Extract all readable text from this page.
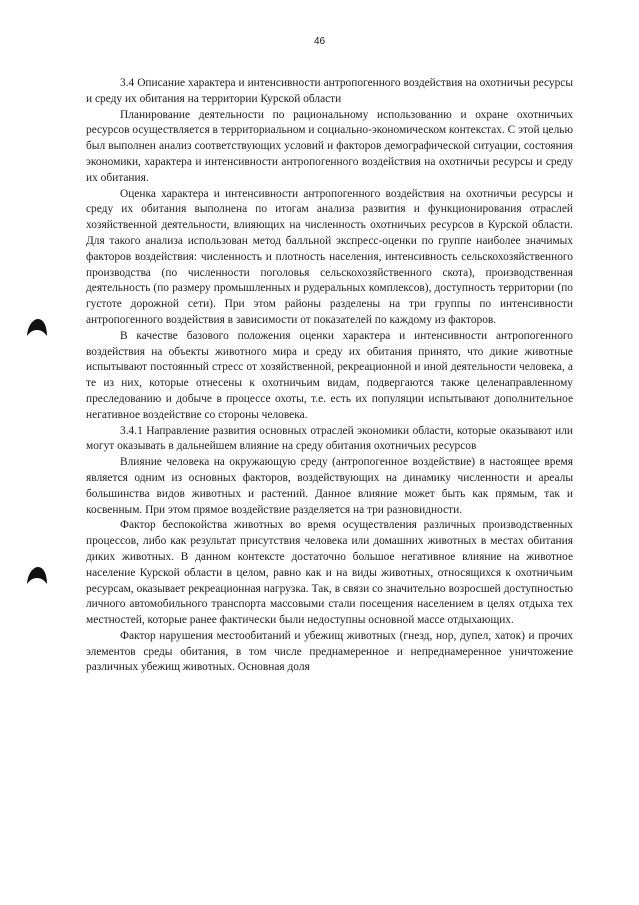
46

3.4 Описание характера и интенсивности антропогенного воздействия на охотничьи ресурсы и среду их обитания на территории Курской области

Планирование деятельности по рациональному использованию и охране охотничьих ресурсов осуществляется в территориальном и социально-экономическом контекстах. С этой целью был выполнен анализ соответствующих условий и факторов демографической ситуации, состояния экономики, характера и интенсивности антропогенного воздействия на охотничьи ресурсы и среду их обитания.

Оценка характера и интенсивности антропогенного воздействия на охотничьи ресурсы и среду их обитания выполнена по итогам анализа развития и функционирования отраслей хозяйственной деятельности, влияющих на численность охотничьих ресурсов в Курской области. Для такого анализа использован метод балльной экспресс-оценки по группе наиболее значимых факторов воздействия: численность и плотность населения, интенсивность сельскохозяйственного производства (по численности поголовья сельскохозяйственного скота), производственная деятельность (по размеру промышленных и рудеральных комплексов), доступность территории (по густоте дорожной сети). При этом районы разделены на три группы по интенсивности антропогенного воздействия в зависимости от показателей по каждому из факторов.

В качестве базового положения оценки характера и интенсивности антропогенного воздействия на объекты животного мира и среду их обитания принято, что дикие животные испытывают постоянный стресс от хозяйственной, рекреационной и иной деятельности человека, а те из них, которые отнесены к охотничьим видам, подвергаются также целенаправленному преследованию и добыче в процессе охоты, т.е. есть их популяции испытывают дополнительное негативное воздействие со стороны человека.

3.4.1 Направление развития основных отраслей экономики области, которые оказывают или могут оказывать в дальнейшем влияние на среду обитания охотничьих ресурсов

Влияние человека на окружающую среду (антропогенное воздействие) в настоящее время является одним из основных факторов, воздействующих на динамику численности и ареалы большинства видов животных и растений. Данное влияние может быть как прямым, так и косвенным. При этом прямое воздействие разделяется на три разновидности.

Фактор беспокойства животных во время осуществления различных производственных процессов, либо как результат присутствия человека или домашних животных в местах обитания диких животных. В данном контексте достаточно большое негативное влияние на животное население Курской области в целом, равно как и на виды животных, относящихся к охотничьим ресурсам, оказывает рекреационная нагрузка. Так, в связи со значительно возросшей доступностью личного автомобильного транспорта массовыми стали посещения населением в целях отдыха тех местностей, которые ранее фактически были недоступны основной массе отдыхающих.

Фактор нарушения местообитаний и убежищ животных (гнезд, нор, дупел, хаток) и прочих элементов среды обитания, в том числе преднамеренное и непреднамеренное уничтожение различных убежищ животных. Основная доля
